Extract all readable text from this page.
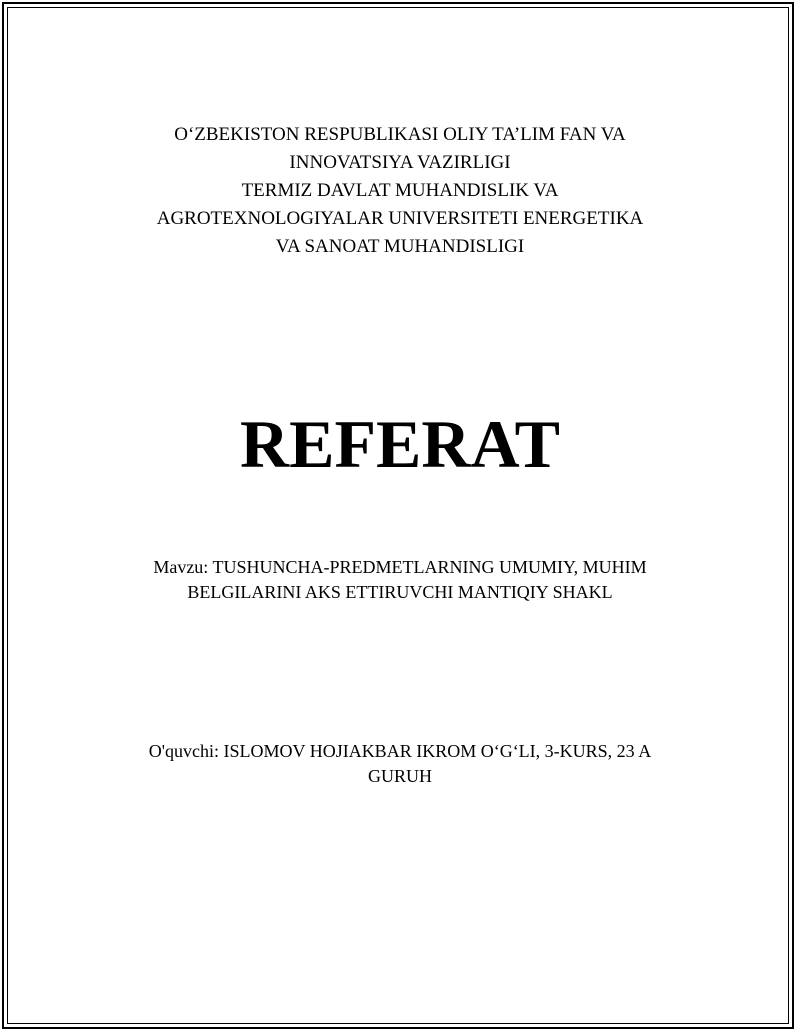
O‘ZBEKISTON RESPUBLIKASI OLIY TA’LIM FAN VA
INNOVATSIYA VAZIRLIGI
TERMIZ DAVLAT MUHANDISLIK VA
AGROTEXNOLOGIYALAR UNIVERSITETI ENERGETIKA
VA SANOAT MUHANDISLIGI
REFERAT
Mavzu: TUSHUNCHA-PREDMETLARNING UMUMIY, MUHIM
BELGILARINI AKS ETTIRUVCHI MANTIQIY SHAKL
O'quvchi: ISLOMOV HOJIAKBAR IKROM O‘G‘LI, 3-KURS, 23 A
GURUH
